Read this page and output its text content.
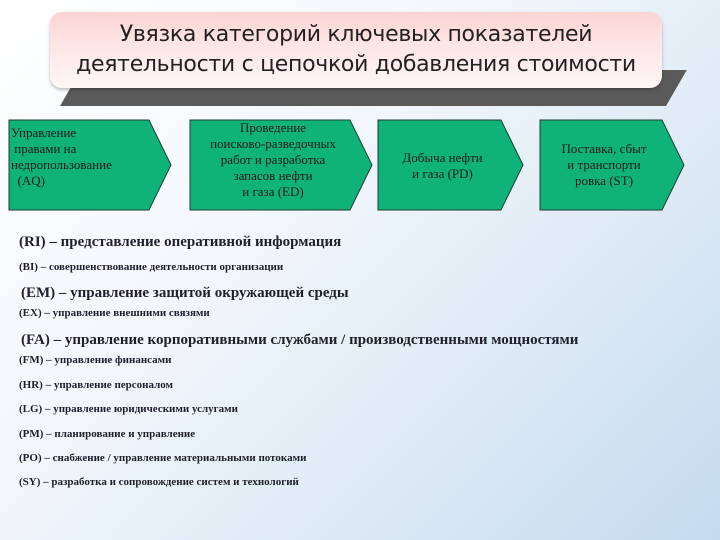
Увязка категорий ключевых показателей
деятельности с цепочкой добавления стоимости
Управление
правами на
недропользование
(AQ)
Проведение
поисково-разведочных
работ и разработка
запасов нефти
и газа (ED)
Добыча нефти
и газа (PD)
Поставка, сбыт
и транспорти
ровка (ST)
(RI) – представление оперативной информация
(BI) – совершенствование деятельности организации
(EM) – управление защитой окружающей среды
(EX) – управление внешними связями
(FA) – управление корпоративными службами / производственными мощностями
(FM) – управление финансами
(HR) – управление персоналом
(LG) – управление юридическими услугами
(PM) – планирование и управление
(PO) – снабжение / управление материальными потоками
(SY) – разработка и сопровождение систем и технологий
